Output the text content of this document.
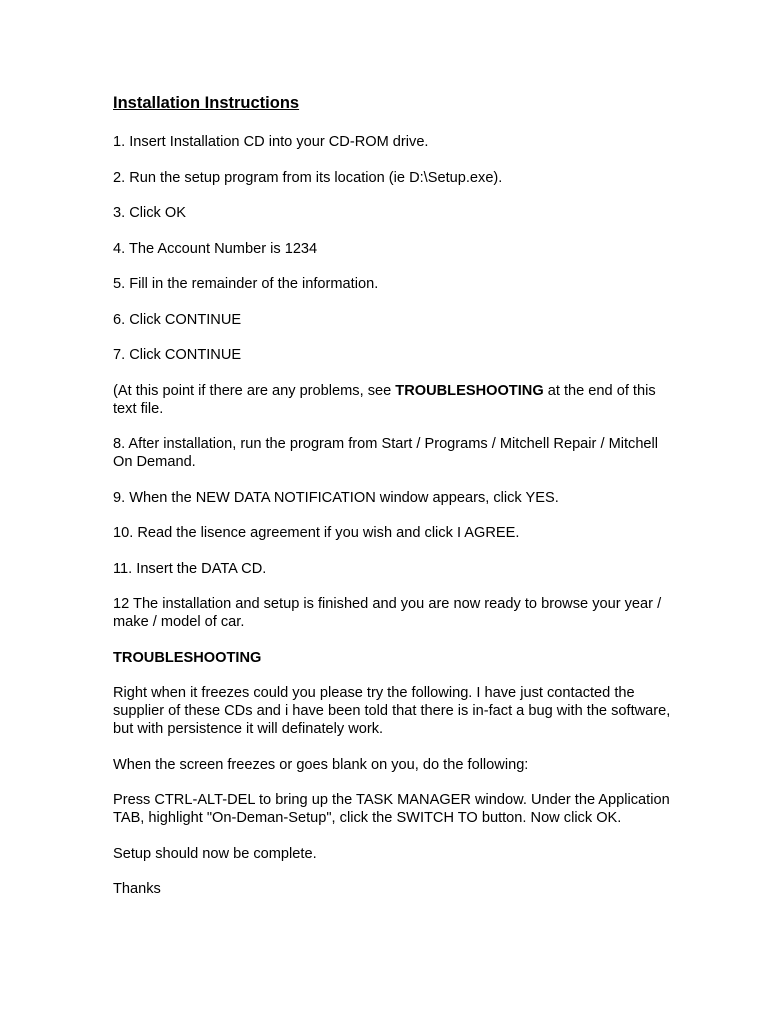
Installation Instructions
1. Insert Installation CD into your CD-ROM drive.
2. Run the setup program from its location (ie D:\Setup.exe).
3. Click OK
4. The Account Number is 1234
5. Fill in the remainder of the information.
6. Click CONTINUE
7. Click CONTINUE
(At this point if there are any problems, see TROUBLESHOOTING at the end of this text file.
8. After installation, run the program from Start / Programs / Mitchell Repair / Mitchell On Demand.
9. When the NEW DATA NOTIFICATION window appears, click YES.
10. Read the lisence agreement if you wish and click I AGREE.
11. Insert the DATA CD.
12 The installation and setup is finished and you are now ready to browse your year / make / model of car.
TROUBLESHOOTING
Right when it freezes could you please try the following. I have just contacted the supplier of these CDs and i have been told that there is in-fact a bug with the software, but with persistence it will definately work.
When the screen freezes or goes blank on you, do the following:
Press CTRL-ALT-DEL to bring up the TASK MANAGER window. Under the Application TAB, highlight "On-Deman-Setup", click the SWITCH TO button. Now click OK.
Setup should now be complete.
Thanks
